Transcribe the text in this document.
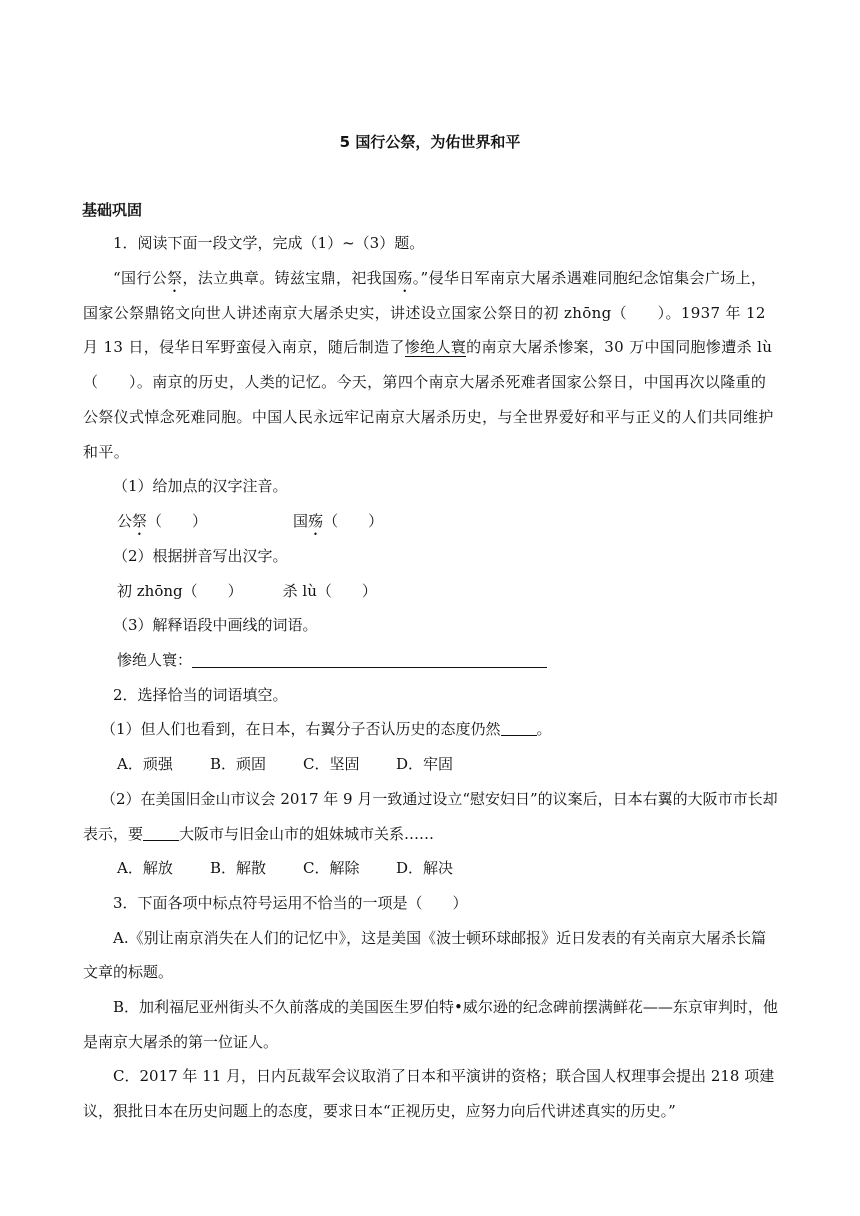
5 国行公祭，为佑世界和平
基础巩固

1．阅读下面一段文学，完成（1）~（3）题。

“国行公祭，法立典章。铸兹宝鼎，祀我国殇。”侵华日军南京大屠杀遇难同胞纪念馆集会广场上，国家公祭鼎铭文向世人讲述南京大屠杀史实，讲述设立国家公祭日的初 zhōng（　　）。1937 年 12 月 13 日，侵华日军野蛮侵入南京，随后制造了惨绝人寰的南京大屠杀惨案，30 万中国同胞惨遭杀 lù（　　）。南京的历史，人类的记忆。今天，第四个南京大屠杀死难者国家公祭日，中国再次以隆重的公祭仪式悼念死难同胞。中国人民永远牢记南京大屠杀历史，与全世界爱好和平与正义的人们共同维护和平。

（1）给加点的汉字注音。

公祭（　　）	国殇（　　）

（2）根据拼音写出汉字。

初 zhōng（　　）	杀 lù（　　）

（3）解释语段中画线的词语。

惨绝人寰：

2．选择恰当的词语填空。

（1）但人们也看到，在日本，右翼分子否认历史的态度仍然 。

A．顽强 B．顽固 C．坚固 D．牢固

（2）在美国旧金山市议会 2017 年 9 月一致通过设立“慰安妇日”的议案后，日本右翼的大阪市市长却表示，要 大阪市与旧金山市的姐妹城市关系……

A．解放 B．解散 C．解除 D．解决

3．下面各项中标点符号运用不恰当的一项是（　　）

A.《别让南京消失在人们的记忆中》，这是美国《波士顿环球邮报》近日发表的有关南京大屠杀长篇文章的标题。

B．加利福尼亚州街头不久前落成的美国医生罗伯特•威尔逊的纪念碑前摆满鲜花——东京审判时，他是南京大屠杀的第一位证人。

C．2017 年 11 月，日内瓦裁军会议取消了日本和平演讲的资格；联合国人权理事会提出 218 项建议，狠批日本在历史问题上的态度，要求日本“正视历史，应努力向后代讲述真实的历史。”
